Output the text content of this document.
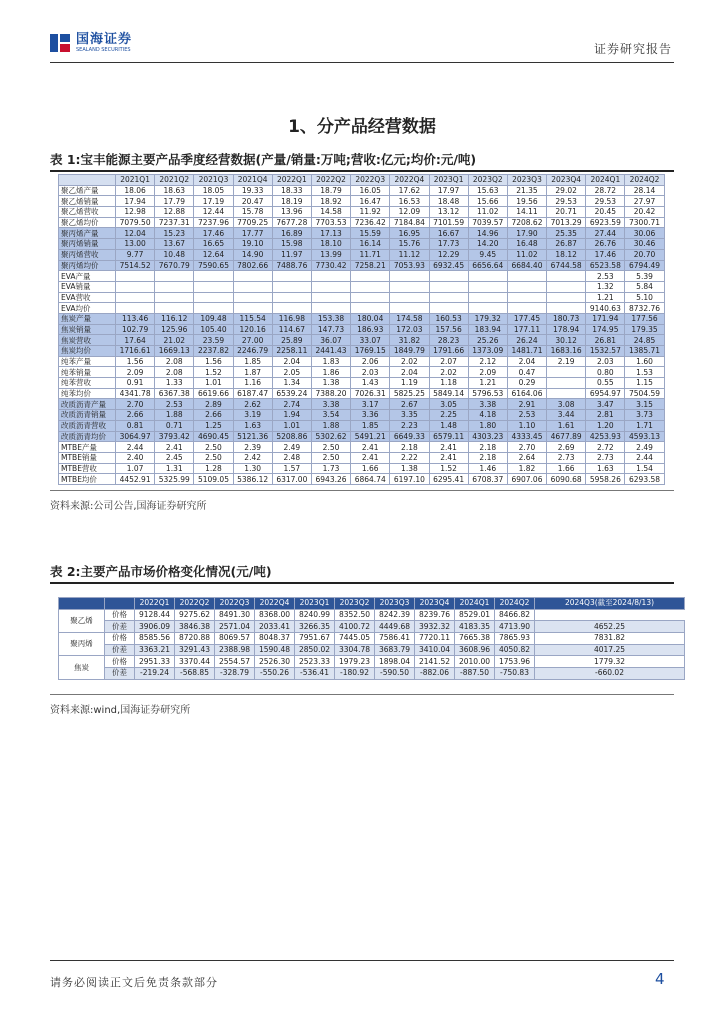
国海证券
SEALAND SECURITIES	证券研究报告
1、分产品经营数据
表 1:宝丰能源主要产品季度经营数据(产量/销量:万吨;营收:亿元;均价:元/吨)
	2021Q1	2021Q2	2021Q3	2021Q4	2022Q1	2022Q2	2022Q3	2022Q4	2023Q1	2023Q2	2023Q3	2023Q4	2024Q1	2024Q2
聚乙烯产量	18.06	18.63	18.05	19.33	18.33	18.79	16.05	17.62	17.97	15.63	21.35	29.02	28.72	28.14
聚乙烯销量	17.94	17.79	17.19	20.47	18.19	18.92	16.47	16.53	18.48	15.66	19.56	29.53	29.53	27.97
聚乙烯营收	12.98	12.88	12.44	15.78	13.96	14.58	11.92	12.09	13.12	11.02	14.11	20.71	20.45	20.42
聚乙烯均价	7079.50	7237.31	7237.96	7709.25	7677.28	7703.53	7236.42	7184.84	7101.59	7039.57	7208.62	7013.29	6923.59	7300.71
聚丙烯产量	12.04	15.23	17.46	17.77	16.89	17.13	15.59	16.95	16.67	14.96	17.90	25.35	27.44	30.06
聚丙烯销量	13.00	13.67	16.65	19.10	15.98	18.10	16.14	15.76	17.73	14.20	16.48	26.87	26.76	30.46
聚丙烯营收	9.77	10.48	12.64	14.90	11.97	13.99	11.71	11.12	12.29	9.45	11.02	18.12	17.46	20.70
聚丙烯均价	7514.52	7670.79	7590.65	7802.66	7488.76	7730.42	7258.21	7053.93	6932.45	6656.64	6684.40	6744.58	6523.58	6794.49
EVA产量													2.53	5.39
EVA销量													1.32	5.84
EVA营收													1.21	5.10
EVA均价													9140.63	8732.76
焦炭产量	113.46	116.12	109.48	115.54	116.98	153.38	180.04	174.58	160.53	179.32	177.45	180.73	171.94	177.56
焦炭销量	102.79	125.96	105.40	120.16	114.67	147.73	186.93	172.03	157.56	183.94	177.11	178.94	174.95	179.35
焦炭营收	17.64	21.02	23.59	27.00	25.89	36.07	33.07	31.82	28.23	25.26	26.24	30.12	26.81	24.85
焦炭均价	1716.61	1669.13	2237.82	2246.79	2258.11	2441.43	1769.15	1849.79	1791.66	1373.09	1481.71	1683.16	1532.57	1385.71
纯苯产量	1.56	2.08	1.56	1.85	2.04	1.83	2.06	2.02	2.07	2.12	2.04	2.19	2.03	1.60
纯苯销量	2.09	2.08	1.52	1.87	2.05	1.86	2.03	2.04	2.02	2.09	0.47		0.80	1.53
纯苯营收	0.91	1.33	1.01	1.16	1.34	1.38	1.43	1.19	1.18	1.21	0.29		0.55	1.15
纯苯均价	4341.78	6367.38	6619.66	6187.47	6539.24	7388.20	7026.31	5825.25	5849.14	5796.53	6164.06		6954.97	7504.59
改质沥青产量	2.70	2.53	2.89	2.62	2.74	3.38	3.17	2.67	3.05	3.38	2.91	3.08	3.47	3.15
改质沥青销量	2.66	1.88	2.66	3.19	1.94	3.54	3.36	3.35	2.25	4.18	2.53	3.44	2.81	3.73
改质沥青营收	0.81	0.71	1.25	1.63	1.01	1.88	1.85	2.23	1.48	1.80	1.10	1.61	1.20	1.71
改质沥青均价	3064.97	3793.42	4690.45	5121.36	5208.86	5302.62	5491.21	6649.33	6579.11	4303.23	4333.45	4677.89	4253.93	4593.13
MTBE产量	2.44	2.41	2.50	2.39	2.49	2.50	2.41	2.18	2.41	2.18	2.70	2.69	2.72	2.49
MTBE销量	2.40	2.45	2.50	2.42	2.48	2.50	2.41	2.22	2.41	2.18	2.64	2.73	2.73	2.44
MTBE营收	1.07	1.31	1.28	1.30	1.57	1.73	1.66	1.38	1.52	1.46	1.82	1.66	1.63	1.54
MTBE均价	4452.91	5325.99	5109.05	5386.12	6317.00	6943.26	6864.74	6197.10	6295.41	6708.37	6907.06	6090.68	5958.26	6293.58
资料来源:公司公告,国海证券研究所
表 2:主要产品市场价格变化情况(元/吨)
		2022Q1	2022Q2	2022Q3	2022Q4	2023Q1	2023Q2	2023Q3	2023Q4	2024Q1	2024Q2	2024Q3(截至2024/8/13)
聚乙烯	价格	9128.44	9275.62	8491.30	8368.00	8240.99	8352.50	8242.39	8239.76	8529.01	8466.82	
	价差	3906.09	3846.38	2571.04	2033.41	3266.35	4100.72	4449.68	3932.32	4183.35	4713.90	4652.25
聚丙烯	价格	8585.56	8720.88	8069.57	8048.37	7951.67	7445.05	7586.41	7720.11	7665.38	7865.93	7831.82
	价差	3363.21	3291.43	2388.98	1590.48	2850.02	3304.78	3683.79	3410.04	3608.96	4050.82	4017.25
焦炭	价格	2951.33	3370.44	2554.57	2526.30	2523.33	1979.23	1898.04	2141.52	2010.00	1753.96	1779.32
	价差	-219.24	-568.85	-328.79	-550.26	-536.41	-180.92	-590.50	-882.06	-887.50	-750.83	-660.02
资料来源:wind,国海证券研究所
请务必阅读正文后免责条款部分	4
